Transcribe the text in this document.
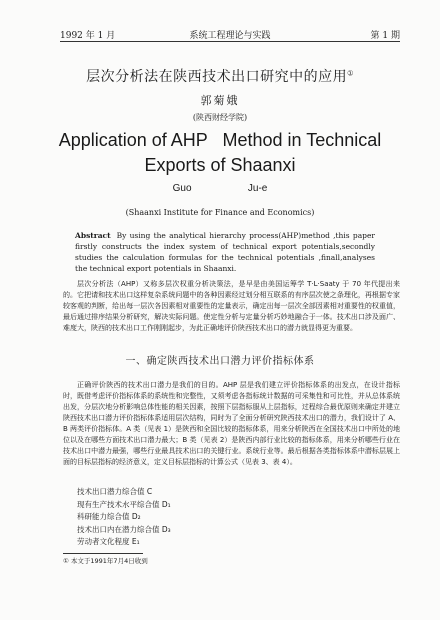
1992 年 1 月	系统工程理论与实践	第 1 期
层次分析法在陕西技术出口研究中的应用①
郭菊娥
(陕西财经学院)
Application of AHP   Method in Technical
Exports of Shaanxi
Guo   Ju-e
(Shaanxi Institute for Finance and Economics)
Abstract By using the analytical hierarchy process(AHP)method ,this paper firstly constructs the index system of technical export potentials,secondly studies the calculation formulas for the technical potentials ,finall,analyses the technical export potentials in Shaanxi.
层次分析法（AHP）又称多层次权重分析决策法，是早是由美国运筹学 T·L·Saaty 于 70 年代提出来的。它把请和技术出口这样复杂系统问题中的各种因素经过划分相互联系的有序层次使之条理化，再根据专家较客观的判断，给出每一层次各因素相对重要性的定量表示，确定出每一层次全部因素相对重要性的权重值，最后通过排序结果分析研究，解决实际问题。使定性分析与定量分析巧妙地融合于一体。技术出口涉及面广、难度大，陕西的技术出口工作刚刚起步，为此正确地评价陕西技术出口的潜力就显得更为重要。
一、确定陕西技术出口潜力评价指标体系
正确评价陕西的技术出口潜力是我们的目的。AHP 层是我们建立评价指标体系的出发点，在设计指标时，既借考虑评价指标体系的系统性和完整性，又须考虑各指标统计数据的可采集性和可比性，并从总体系统出发，分层次地分析影响总体性能的相关因素，按照下层指标服从上层指标，过程综合最优原则来确定并建立陕西技术出口潜力评价指标体系适用层次结构，同时为了全面分析研究陕西技术出口的潜力，我们设计了 A、B 两类评价指标体。A 类（见表 1）是陕西和全国比较的指标体系，用来分析陕西在全国技术出口中所处的地位以及在哪些方面技术出口潜力最大；B 类（见表 2）是陕西内部行业比较的指标体系，用来分析哪些行业在技术出口中潜力最强，哪些行业最具技术出口的关键行业。系统行业等。最后根据各类指标体系中潜标层展上面的目标层指标的经济意义，定义目标层指标的计算公式（见表 3、表 4）。
技术出口潜力综合值 C
现有生产技术水平综合值 D₁
科研能力综合值 D₂
技术出口内在潜力综合值 D₃
劳动者文化程度 E₁
① 本文于1991年7月4日收到
